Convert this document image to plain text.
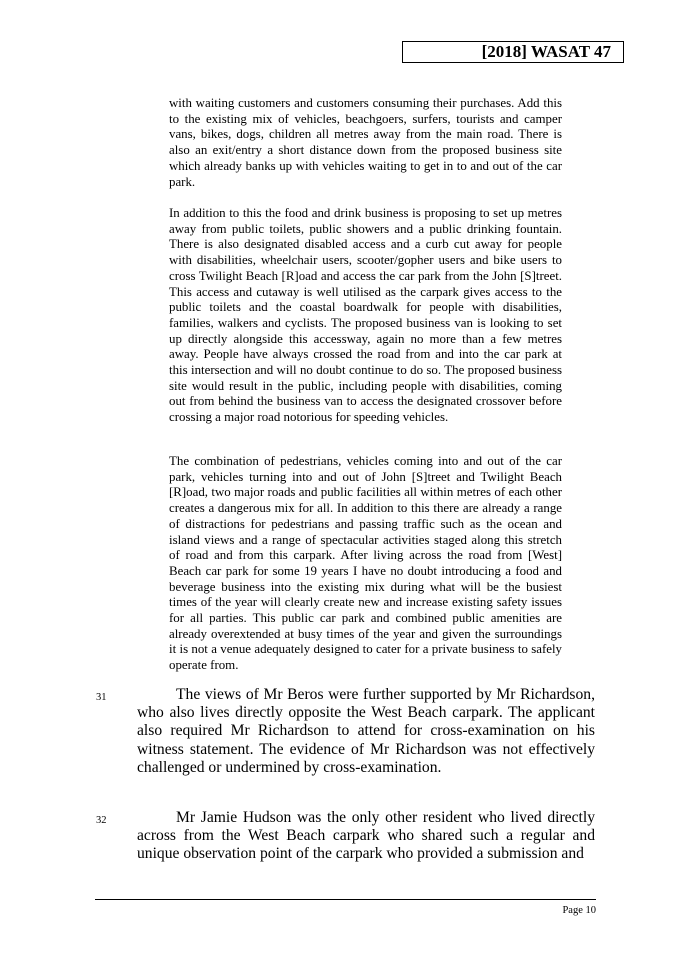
[2018] WASAT 47

with waiting customers and customers consuming their purchases. Add this to the existing mix of vehicles, beachgoers, surfers, tourists and camper vans, bikes, dogs, children all metres away from the main road. There is also an exit/entry a short distance down from the proposed business site which already banks up with vehicles waiting to get in to and out of the car park.

In addition to this the food and drink business is proposing to set up metres away from public toilets, public showers and a public drinking fountain. There is also designated disabled access and a curb cut away for people with disabilities, wheelchair users, scooter/gopher users and bike users to cross Twilight Beach [R]oad and access the car park from the John [S]treet. This access and cutaway is well utilised as the carpark gives access to the public toilets and the coastal boardwalk for people with disabilities, families, walkers and cyclists. The proposed business van is looking to set up directly alongside this accessway, again no more than a few metres away. People have always crossed the road from and into the car park at this intersection and will no doubt continue to do so. The proposed business site would result in the public, including people with disabilities, coming out from behind the business van to access the designated crossover before crossing a major road notorious for speeding vehicles.

The combination of pedestrians, vehicles coming into and out of the car park, vehicles turning into and out of John [S]treet and Twilight Beach [R]oad, two major roads and public facilities all within metres of each other creates a dangerous mix for all. In addition to this there are already a range of distractions for pedestrians and passing traffic such as the ocean and island views and a range of spectacular activities staged along this stretch of road and from this carpark. After living across the road from [West] Beach car park for some 19 years I have no doubt introducing a food and beverage business into the existing mix during what will be the busiest times of the year will clearly create new and increase existing safety issues for all parties. This public car park and combined public amenities are already overextended at busy times of the year and given the surroundings it is not a venue adequately designed to cater for a private business to safely operate from.

31	The views of Mr Beros were further supported by Mr Richardson, who also lives directly opposite the West Beach carpark. The applicant also required Mr Richardson to attend for cross-examination on his witness statement. The evidence of Mr Richardson was not effectively challenged or undermined by cross-examination.

32	Mr Jamie Hudson was the only other resident who lived directly across from the West Beach carpark who shared such a regular and unique observation point of the carpark who provided a submission and

Page 10
